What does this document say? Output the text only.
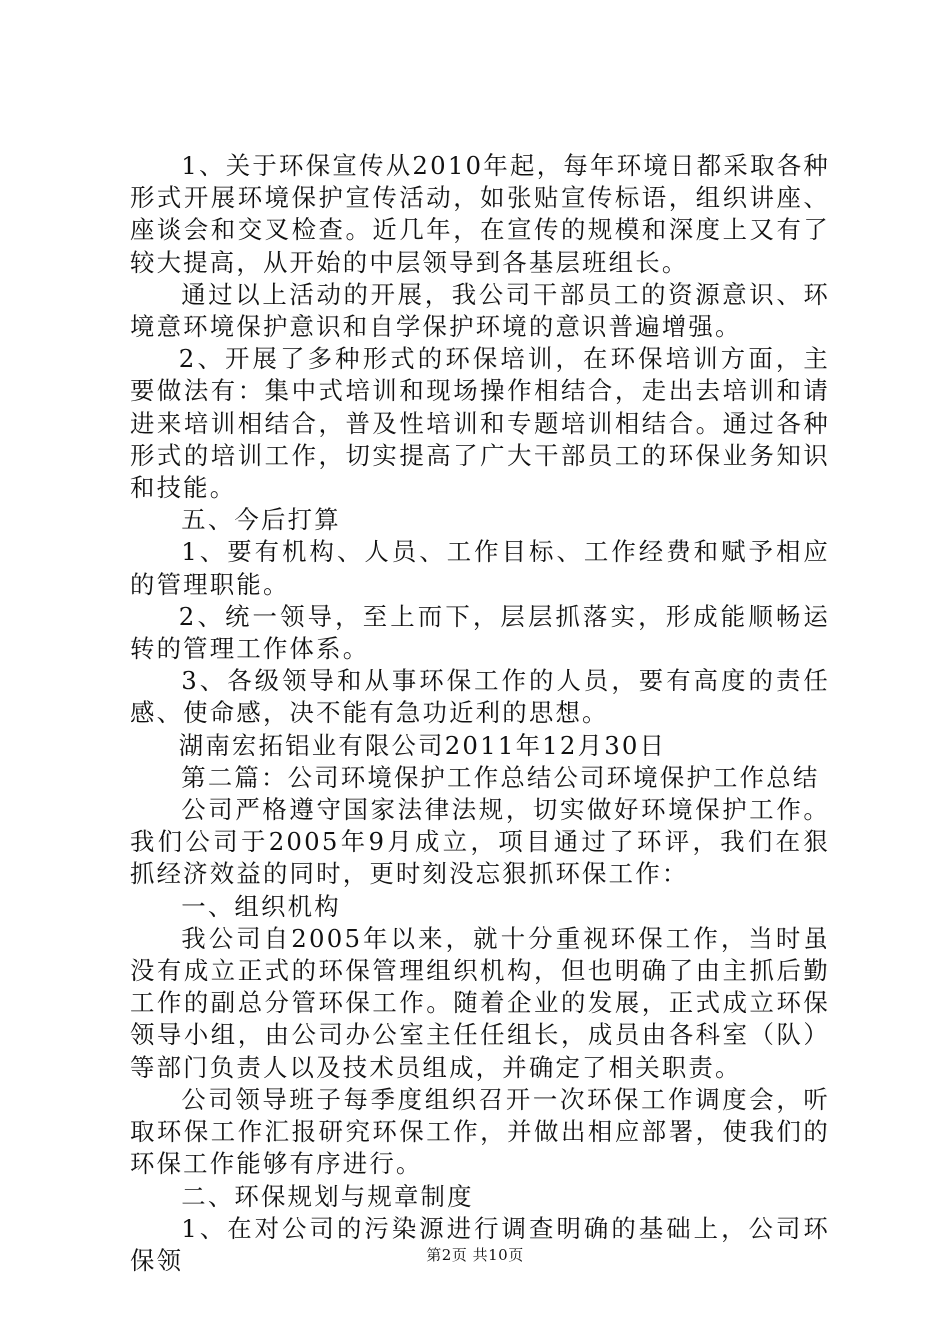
1、关于环保宣传从2010年起，每年环境日都采取各种形式开展环境保护宣传活动，如张贴宣传标语，组织讲座、座谈会和交叉检查。近几年，在宣传的规模和深度上又有了较大提高，从开始的中层领导到各基层班组长。

通过以上活动的开展，我公司干部员工的资源意识、环境意环境保护意识和自学保护环境的意识普遍增强。

2、开展了多种形式的环保培训，在环保培训方面，主要做法有：集中式培训和现场操作相结合，走出去培训和请进来培训相结合，普及性培训和专题培训相结合。通过各种形式的培训工作，切实提高了广大干部员工的环保业务知识和技能。

五、今后打算

1、要有机构、人员、工作目标、工作经费和赋予相应的管理职能。

2、统一领导，至上而下，层层抓落实，形成能顺畅运转的管理工作体系。

3、各级领导和从事环保工作的人员，要有高度的责任感、使命感，决不能有急功近利的思想。

湖南宏拓铝业有限公司2011年12月30日

第二篇：公司环境保护工作总结公司环境保护工作总结

公司严格遵守国家法律法规，切实做好环境保护工作。我们公司于2005年9月成立，项目通过了环评，我们在狠抓经济效益的同时，更时刻没忘狠抓环保工作：

一、组织机构

我公司自2005年以来，就十分重视环保工作，当时虽没有成立正式的环保管理组织机构，但也明确了由主抓后勤工作的副总分管环保工作。随着企业的发展，正式成立环保领导小组，由公司办公室主任任组长，成员由各科室（队）等部门负责人以及技术员组成，并确定了相关职责。

公司领导班子每季度组织召开一次环保工作调度会，听取环保工作汇报研究环保工作，并做出相应部署，使我们的环保工作能够有序进行。

二、环保规划与规章制度

1、在对公司的污染源进行调查明确的基础上，公司环保领	第2页 共10页
